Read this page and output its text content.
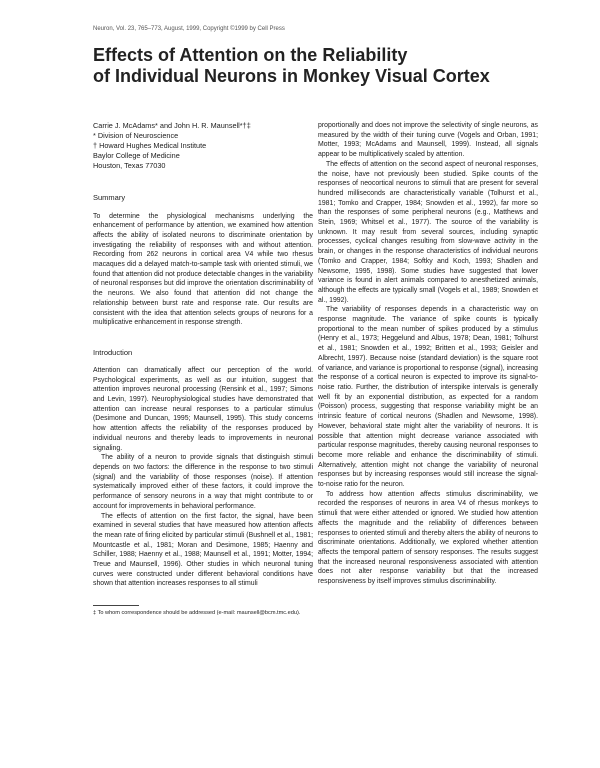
Neuron, Vol. 23, 765–773, August, 1999, Copyright ©1999 by Cell Press
Effects of Attention on the Reliability
of Individual Neurons in Monkey Visual Cortex
Carrie J. McAdams* and John H. R. Maunsell*†‡
* Division of Neuroscience
† Howard Hughes Medical Institute
Baylor College of Medicine
Houston, Texas 77030
Summary

To determine the physiological mechanisms underlying the enhancement of performance by attention, we examined how attention affects the ability of isolated neurons to discriminate orientation by investigating the reliability of responses with and without attention. Recording from 262 neurons in cortical area V4 while two rhesus macaques did a delayed match-to-sample task with oriented stimuli, we found that attention did not produce detectable changes in the variability of neuronal responses but did improve the orientation discriminability of the neurons. We also found that attention did not change the relationship between burst rate and response rate. Our results are consistent with the idea that attention selects groups of neurons for a multiplicative enhancement in response strength.

Introduction

Attention can dramatically affect our perception of the world. Psychological experiments, as well as our intuition, suggest that attention improves neuronal processing (Rensink et al., 1997; Simons and Levin, 1997). Neurophysiological studies have demonstrated that attention can increase neural responses to a particular stimulus (Desimone and Duncan, 1995; Maunsell, 1995). This study concerns how attention affects the reliability of the responses produced by individual neurons and thereby leads to improvements in neuronal signaling.

The ability of a neuron to provide signals that distinguish stimuli depends on two factors: the difference in the response to two stimuli (signal) and the variability of those responses (noise). If attention systematically improved either of these factors, it could improve the performance of sensory neurons in a way that might contribute to or account for improvements in behavioral performance.

The effects of attention on the first factor, the signal, have been examined in several studies that have measured how attention affects the mean rate of firing elicited by particular stimuli (Bushnell et al., 1981; Mountcastle et al., 1981; Moran and Desimone, 1985; Haenny and Schiller, 1988; Haenny et al., 1988; Maunsell et al., 1991; Motter, 1994; Treue and Maunsell, 1996). Other studies in which neuronal tuning curves were constructed under different behavioral conditions have shown that attention increases responses to all stimuli

‡ To whom correspondence should be addressed (e-mail: maunsell@bcm.tmc.edu).

proportionally and does not improve the selectivity of single neurons, as measured by the width of their tuning curve (Vogels and Orban, 1991; Motter, 1993; McAdams and Maunsell, 1999). Instead, all signals appear to be multiplicatively scaled by attention.

The effects of attention on the second aspect of neuronal responses, the noise, have not previously been studied. Spike counts of the responses of neocortical neurons to stimuli that are present for several hundred milliseconds are characteristically variable (Tolhurst et al., 1981; Tomko and Crapper, 1984; Snowden et al., 1992), far more so than the responses of some peripheral neurons (e.g., Matthews and Stein, 1969; Whitsel et al., 1977). The source of the variability is unknown. It may result from several sources, including synaptic processes, cyclical changes resulting from slow-wave activity in the brain, or changes in the response characteristics of individual neurons (Tomko and Crapper, 1984; Softky and Koch, 1993; Shadlen and Newsome, 1995, 1998). Some studies have suggested that lower variance is found in alert animals compared to anesthetized animals, although the effects are typically small (Vogels et al., 1989; Snowden et al., 1992).

The variability of responses depends in a characteristic way on response magnitude. The variance of spike counts is typically proportional to the mean number of spikes produced by a stimulus (Henry et al., 1973; Heggelund and Albus, 1978; Dean, 1981; Tolhurst et al., 1981; Snowden et al., 1992; Britten et al., 1993; Geisler and Albrecht, 1997). Because noise (standard deviation) is the square root of variance, and variance is proportional to response (signal), increasing the response of a cortical neuron is expected to improve its signal-to-noise ratio. Further, the distribution of interspike intervals is generally well fit by an exponential distribution, as expected for a random (Poisson) process, suggesting that response variability might be an intrinsic feature of cortical neurons (Shadlen and Newsome, 1998). However, behavioral state might alter the variability of neurons. It is possible that attention might decrease variance associated with particular response magnitudes, thereby causing neuronal responses to become more reliable and enhance the discriminability of stimuli. Alternatively, attention might not change the variability of neuronal responses but by increasing responses would still increase the signal-to-noise ratio for the neuron.

To address how attention affects stimulus discriminability, we recorded the responses of neurons in area V4 of rhesus monkeys to stimuli that were either attended or ignored. We studied how attention affects the magnitude and the reliability of differences between responses to oriented stimuli and thereby alters the ability of neurons to discriminate orientations. Additionally, we explored whether attention affects the temporal pattern of sensory responses. The results suggest that the increased neuronal responsiveness associated with attention does not alter response variability but that the increased responsiveness by itself improves stimulus discriminability.
